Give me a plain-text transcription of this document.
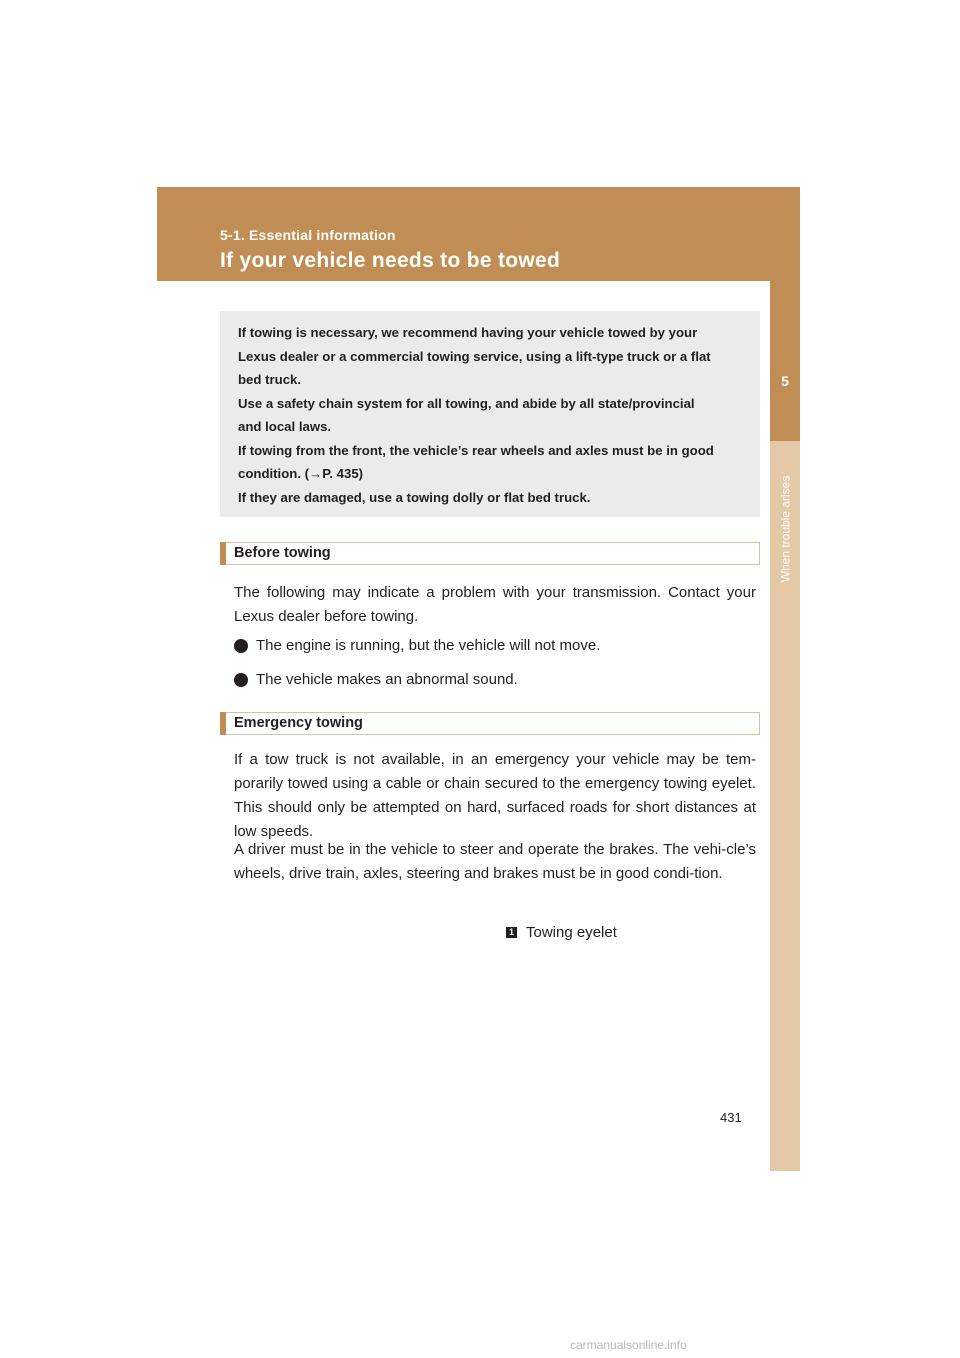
5-1. Essential information
If your vehicle needs to be towed
5
When trouble arises

If towing is necessary, we recommend having your vehicle towed by your

Lexus dealer or a commercial towing service, using a lift-type truck or a flat

bed truck.

Use a safety chain system for all towing, and abide by all state/provincial

and local laws.

If towing from the front, the vehicle’s rear wheels and axles must be in good

condition. (→P. 435)

If they are damaged, use a towing dolly or flat bed truck.

Before towing

The following may indicate a problem with your transmission. Contact your Lexus dealer before towing.

The engine is running, but the vehicle will not move.
The vehicle makes an abnormal sound.
Emergency towing

If a tow truck is not available, in an emergency your vehicle may be tem-porarily towed using a cable or chain secured to the emergency towing eyelet. This should only be attempted on hard, surfaced roads for short distances at low speeds.

A driver must be in the vehicle to steer and operate the brakes. The vehi-cle’s wheels, drive train, axles, steering and brakes must be in good condi-tion.

1 Towing eyelet
431
carmanualsonline.info
